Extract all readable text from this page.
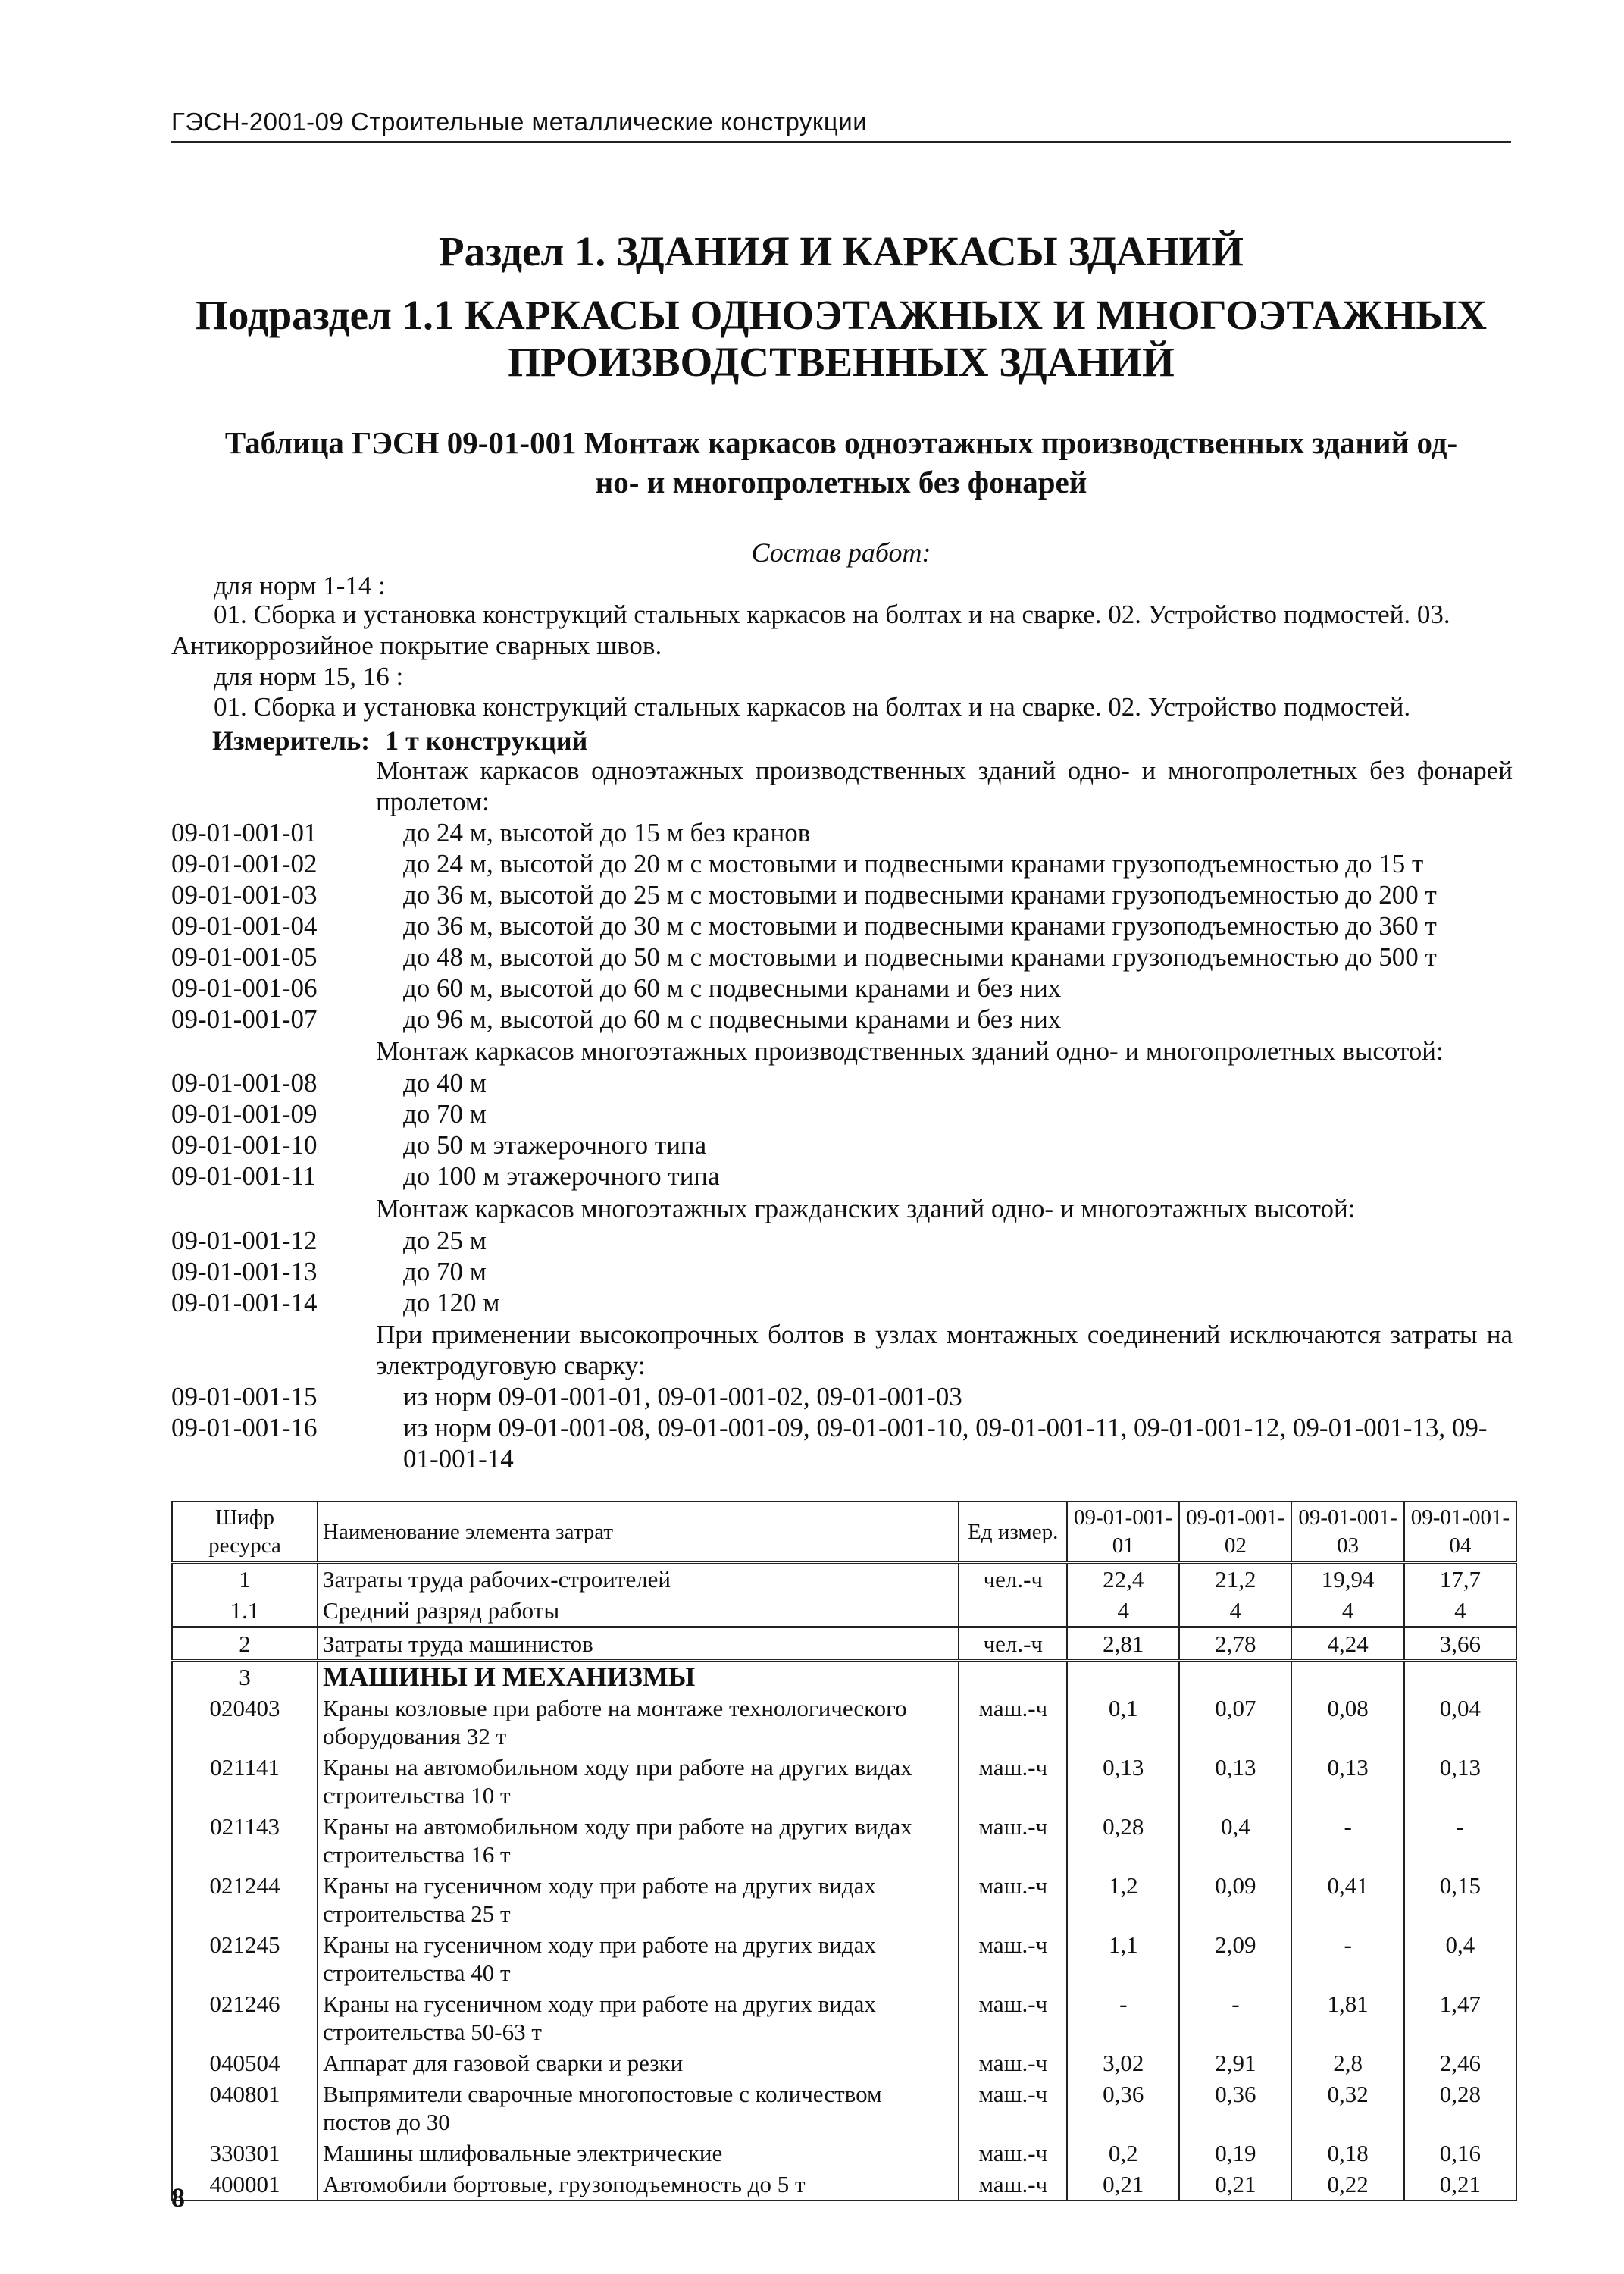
ГЭСН-2001-09 Строительные металлические конструкции
Раздел 1. ЗДАНИЯ И КАРКАСЫ ЗДАНИЙ
Подраздел 1.1 КАРКАСЫ ОДНОЭТАЖНЫХ И МНОГОЭТАЖНЫХ
ПРОИЗВОДСТВЕННЫХ ЗДАНИЙ
Таблица ГЭСН 09-01-001 Монтаж каркасов одноэтажных производственных зданий од-
но- и многопролетных без фонарей
Состав работ:
для норм 1-14 :
01. Сборка и установка конструкций стальных каркасов на болтах и на сварке. 02. Устройство подмостей. 03. Антикоррозийное покрытие сварных швов.
для норм 15, 16 :
01. Сборка и установка конструкций стальных каркасов на болтах и на сварке. 02. Устройство подмостей.
Измеритель: 1 т конструкций
Монтаж каркасов одноэтажных производственных зданий одно- и многопролетных без фонарей пролетом:
09-01-001-01	до 24 м, высотой до 15 м без кранов
09-01-001-02	до 24 м, высотой до 20 м с мостовыми и подвесными кранами грузоподъемностью до 15 т
09-01-001-03	до 36 м, высотой до 25 м с мостовыми и подвесными кранами грузоподъемностью до 200 т
09-01-001-04	до 36 м, высотой до 30 м с мостовыми и подвесными кранами грузоподъемностью до 360 т
09-01-001-05	до 48 м, высотой до 50 м с мостовыми и подвесными кранами грузоподъемностью до 500 т
09-01-001-06	до 60 м, высотой до 60 м с подвесными кранами и без них
09-01-001-07	до 96 м, высотой до 60 м с подвесными кранами и без них
Монтаж каркасов многоэтажных производственных зданий одно- и многопролетных высотой:
09-01-001-08	до 40 м
09-01-001-09	до 70 м
09-01-001-10	до 50 м этажерочного типа
09-01-001-11	до 100 м этажерочного типа
Монтаж каркасов многоэтажных гражданских зданий одно- и многоэтажных высотой:
09-01-001-12	до 25 м
09-01-001-13	до 70 м
09-01-001-14	до 120 м
При применении высокопрочных болтов в узлах монтажных соединений исключаются затраты на электродуговую сварку:
09-01-001-15	из норм 09-01-001-01, 09-01-001-02, 09-01-001-03
09-01-001-16	из норм 09-01-001-08, 09-01-001-09, 09-01-001-10, 09-01-001-11, 09-01-001-12, 09-01-001-13, 09-01-001-14
Шифр ресурса	Наименование элемента затрат	Ед измер.	09-01-001-01	09-01-001-02	09-01-001-03	09-01-001-04
1	Затраты труда рабочих-строителей	чел.-ч	22,4	21,2	19,94	17,7
1.1	Средний разряд работы		4	4	4	4
2	Затраты труда машинистов	чел.-ч	2,81	2,78	4,24	3,66
3	МАШИНЫ И МЕХАНИЗМЫ					
020403	Краны козловые при работе на монтаже технологического оборудования 32 т	маш.-ч	0,1	0,07	0,08	0,04
021141	Краны на автомобильном ходу при работе на других видах строительства 10 т	маш.-ч	0,13	0,13	0,13	0,13
021143	Краны на автомобильном ходу при работе на других видах строительства 16 т	маш.-ч	0,28	0,4	-	-
021244	Краны на гусеничном ходу при работе на других видах строительства 25 т	маш.-ч	1,2	0,09	0,41	0,15
021245	Краны на гусеничном ходу при работе на других видах строительства 40 т	маш.-ч	1,1	2,09	-	0,4
021246	Краны на гусеничном ходу при работе на других видах строительства 50-63 т	маш.-ч	-	-	1,81	1,47
040504	Аппарат для газовой сварки и резки	маш.-ч	3,02	2,91	2,8	2,46
040801	Выпрямители сварочные многопостовые с количеством постов до 30	маш.-ч	0,36	0,36	0,32	0,28
330301	Машины шлифовальные электрические	маш.-ч	0,2	0,19	0,18	0,16
400001	Автомобили бортовые, грузоподъемность до 5 т	маш.-ч	0,21	0,21	0,22	0,21
8
